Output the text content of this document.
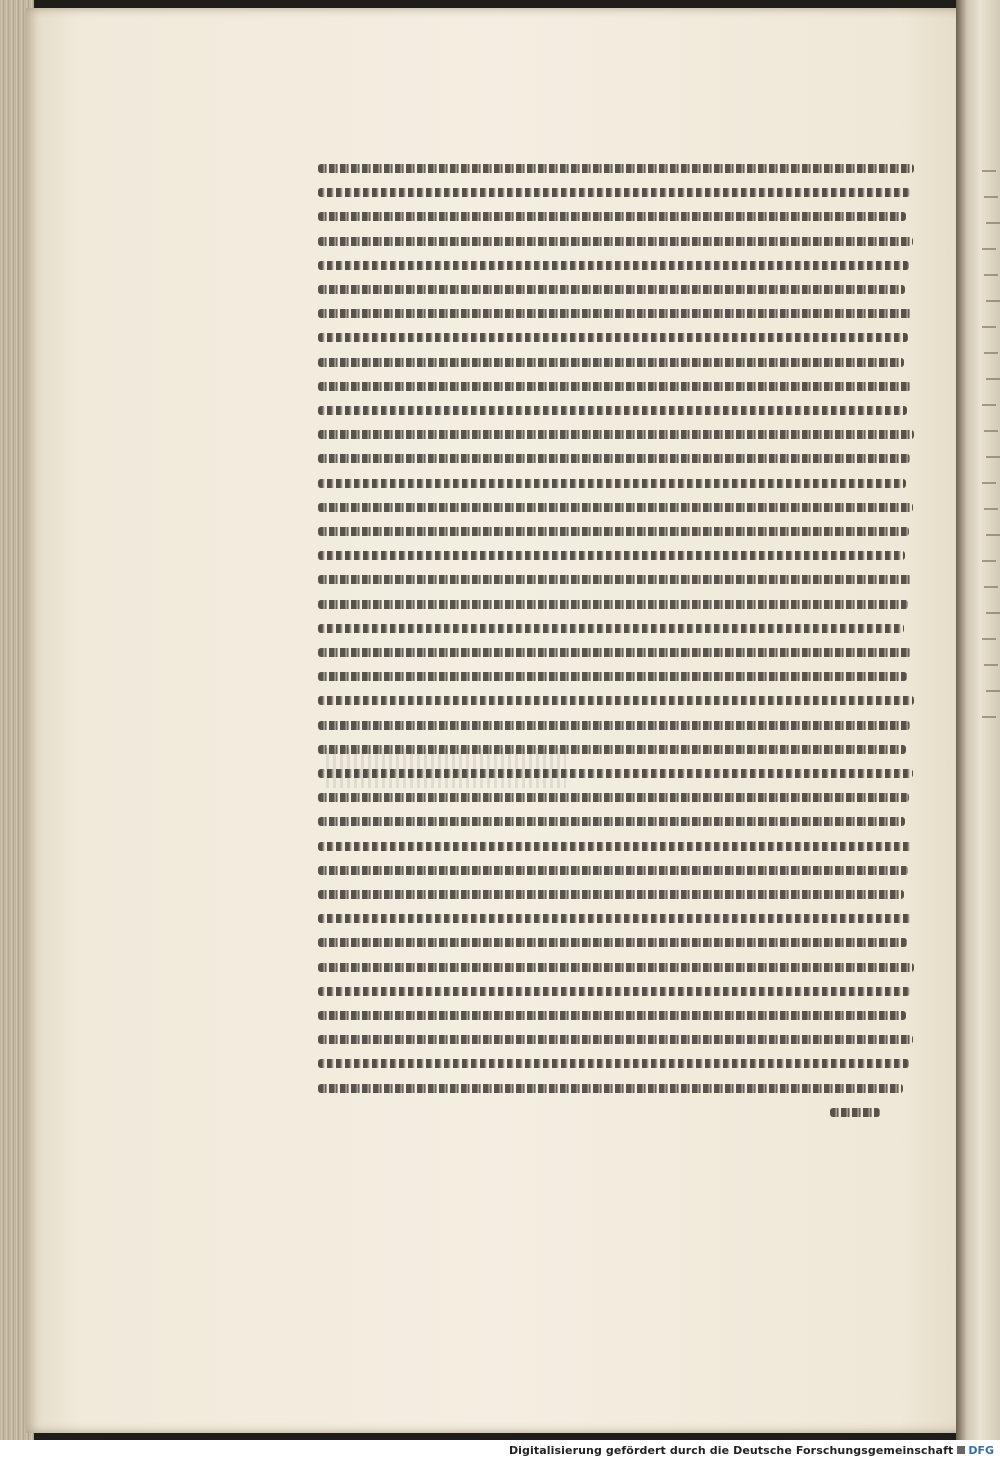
Digitalisierung gefördert durch die Deutsche Forschungsgemeinschaft DFG
